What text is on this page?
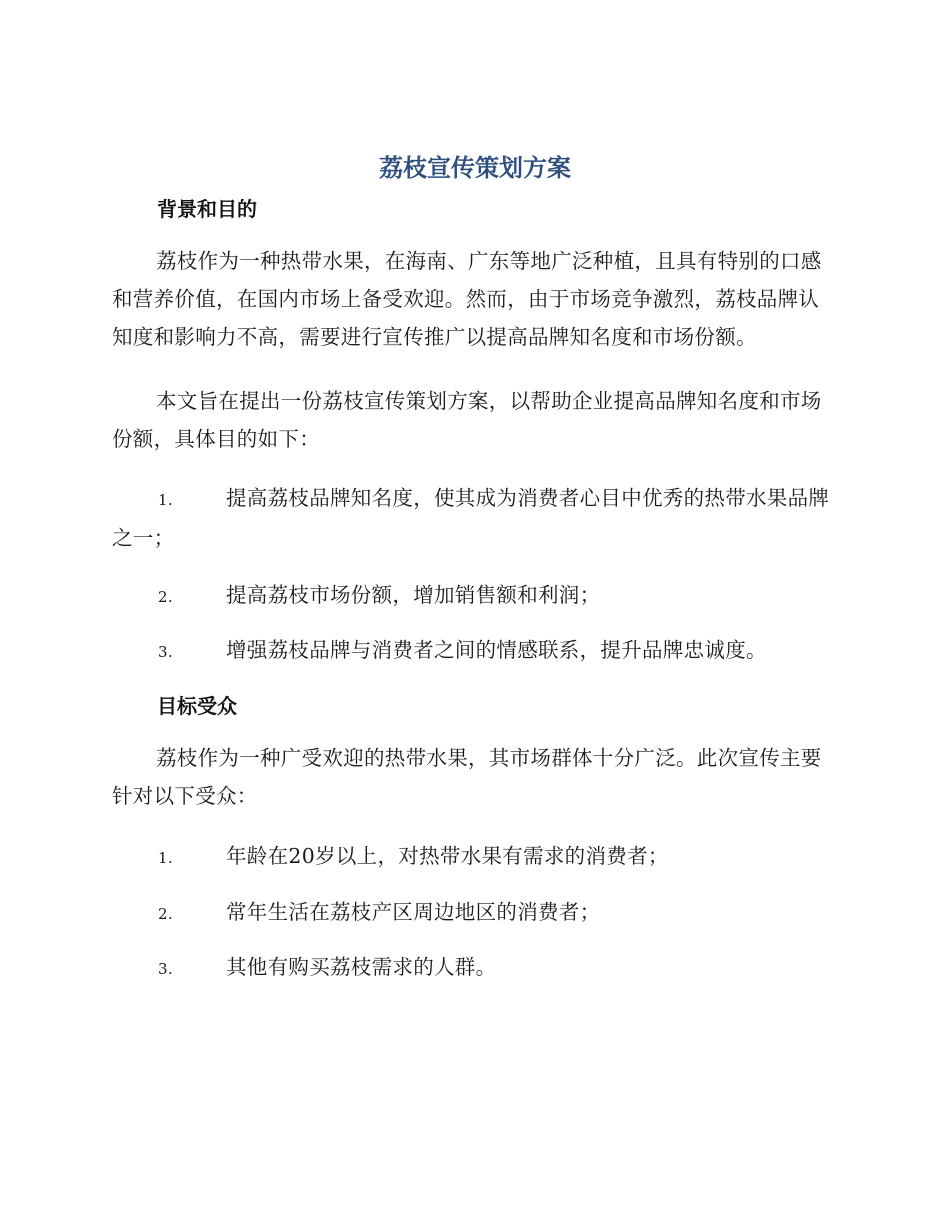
荔枝宣传策划方案
背景和目的

荔枝作为一种热带水果，在海南、广东等地广泛种植，且具有特别的口感和营养价值，在国内市场上备受欢迎。然而，由于市场竞争激烈，荔枝品牌认知度和影响力不高，需要进行宣传推广以提高品牌知名度和市场份额。

本文旨在提出一份荔枝宣传策划方案，以帮助企业提高品牌知名度和市场份额，具体目的如下：

1.	提高荔枝品牌知名度，使其成为消费者心目中优秀的热带水果品牌之一；
2.	提高荔枝市场份额，增加销售额和利润；
3.	增强荔枝品牌与消费者之间的情感联系，提升品牌忠诚度。
目标受众

荔枝作为一种广受欢迎的热带水果，其市场群体十分广泛。此次宣传主要针对以下受众：

1.	年龄在20岁以上，对热带水果有需求的消费者；
2.	常年生活在荔枝产区周边地区的消费者；
3.	其他有购买荔枝需求的人群。
